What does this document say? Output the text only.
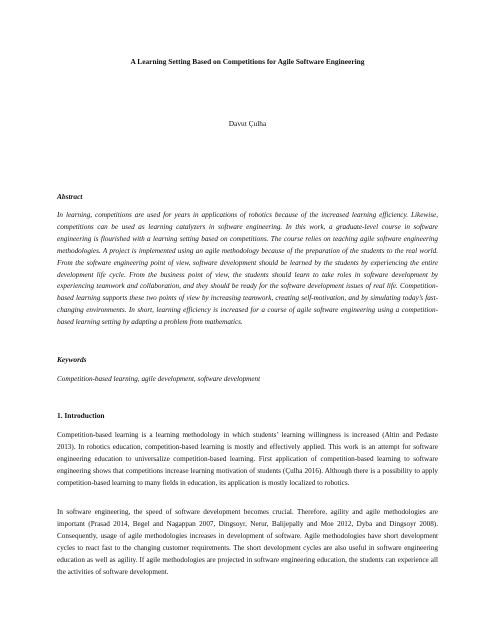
A Learning Setting Based on Competitions for Agile Software Engineering
Davut Çulha
Abstract
In learning, competitions are used for years in applications of robotics because of the increased learning efficiency. Likewise, competitions can be used as learning catalyzers in software engineering. In this work, a graduate-level course in software engineering is flourished with a learning setting based on competitions. The course relies on teaching agile software engineering methodologies. A project is implemented using an agile methodology because of the preparation of the students to the real world. From the software engineering point of view, software development should be learned by the students by experiencing the entire development life cycle. From the business point of view, the students should learn to take roles in software development by experiencing teamwork and collaboration, and they should be ready for the software development issues of real life. Competition-based learning supports these two points of view by increasing teamwork, creating self-motivation, and by simulating today’s fast-changing environments. In short, learning efficiency is increased for a course of agile software engineering using a competition-based learning setting by adapting a problem from mathematics.
Keywords
Competition-based learning, agile development, software development
1. Introduction
Competition-based learning is a learning methodology in which students’ learning willingness is increased (Altin and Pedaste 2013). In robotics education, competition-based learning is mostly and effectively applied. This work is an attempt for software engineering education to universalize competition-based learning. First application of competition-based learning to software engineering shows that competitions increase learning motivation of students (Çulha 2016). Although there is a possibility to apply competition-based learning to many fields in education, its application is mostly localized to robotics.
In software engineering, the speed of software development becomes crucial. Therefore, agility and agile methodologies are important (Prasad 2014, Begel and Nagappan 2007, Dingsoyr, Nerur, Balijepally and Moe 2012, Dyba and Dingsoyr 2008). Consequently, usage of agile methodologies increases in development of software. Agile methodologies have short development cycles to react fast to the changing customer requirements. The short development cycles are also useful in software engineering education as well as agility. If agile methodologies are projected in software engineering education, the students can experience all the activities of software development.
